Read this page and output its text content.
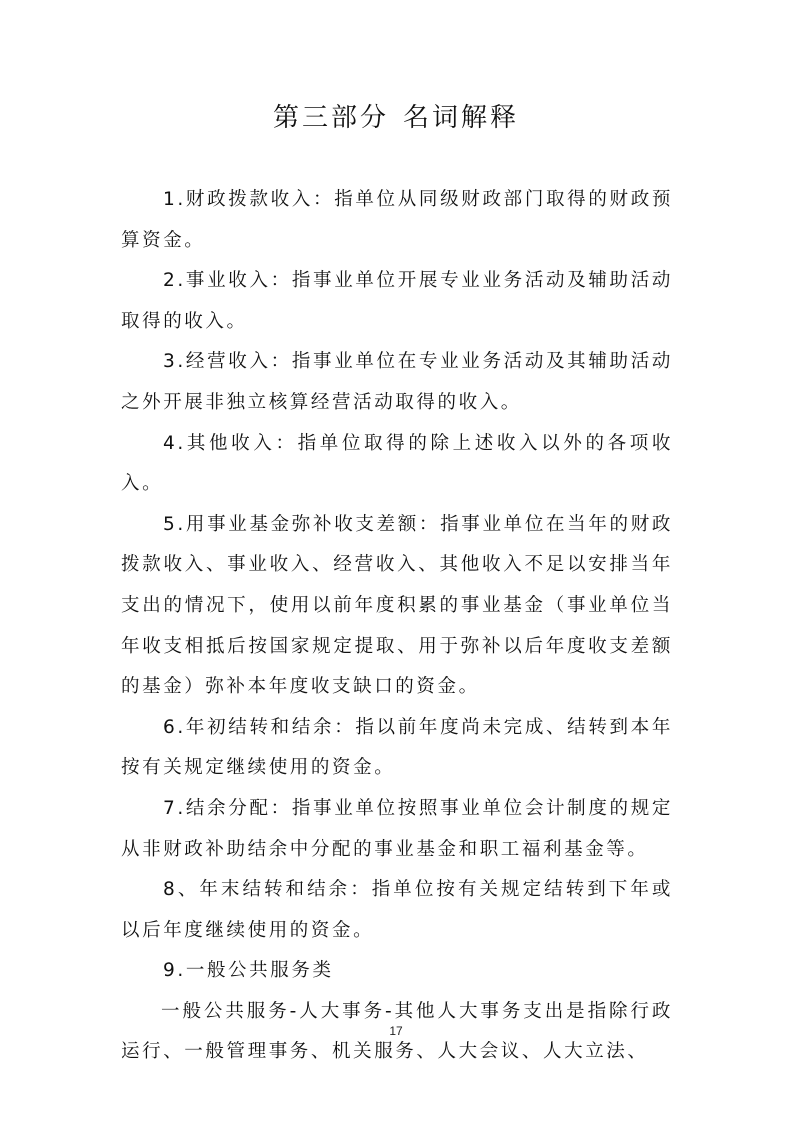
第三部分 名词解释

1.财政拨款收入：指单位从同级财政部门取得的财政预算资金。

2.事业收入：指事业单位开展专业业务活动及辅助活动取得的收入。

3.经营收入：指事业单位在专业业务活动及其辅助活动之外开展非独立核算经营活动取得的收入。

4.其他收入：指单位取得的除上述收入以外的各项收入。

5.用事业基金弥补收支差额：指事业单位在当年的财政拨款收入、事业收入、经营收入、其他收入不足以安排当年支出的情况下，使用以前年度积累的事业基金（事业单位当年收支相抵后按国家规定提取、用于弥补以后年度收支差额的基金）弥补本年度收支缺口的资金。

6.年初结转和结余：指以前年度尚未完成、结转到本年按有关规定继续使用的资金。

7.结余分配：指事业单位按照事业单位会计制度的规定从非财政补助结余中分配的事业基金和职工福利基金等。

8、年末结转和结余：指单位按有关规定结转到下年或以后年度继续使用的资金。

9.一般公共服务类

一般公共服务-人大事务-其他人大事务支出是指除行政运行、一般管理事务、机关服务、人大会议、人大立法、

17
